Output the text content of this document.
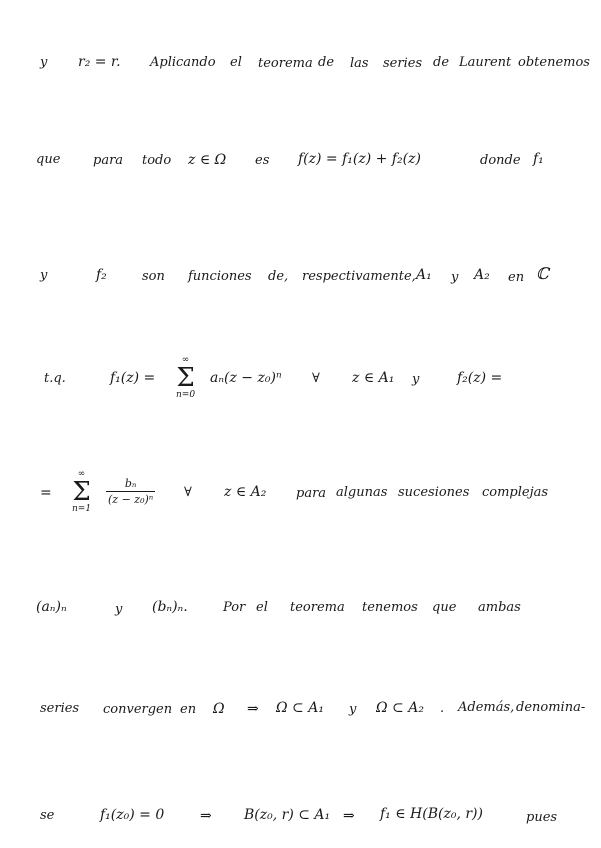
y r₂ = r. Aplicando el teorema de las series de Laurent obtenemos
que	para todo z ∈ Ω es f(z) = f₁(z) + f₂(z)	donde f₁
y	f₂	son funciones de, respectivamente, A₁ y A₂ en ℂ
t.q.	f₁(z) =
∞
Σ
n=0
aₙ(z − z₀)ⁿ ∀ z ∈ A₁ y	f₂(z) =
=
∞
Σ
n=1
bₙ
(z − z₀)ⁿ ∀ z ∈ A₂ para algunas sucesiones complejas
(aₙ)ₙ	y (bₙ)ₙ.	Por el teorema tenemos que ambas
series convergen en Ω ⇒ Ω ⊂ A₁ y Ω ⊂ A₂ . Además, denomina-
se	f₁(z₀) = 0	⇒ B(z₀, r) ⊂ A₁ ⇒ f₁ ∈ H(B(z₀, r))	pues
